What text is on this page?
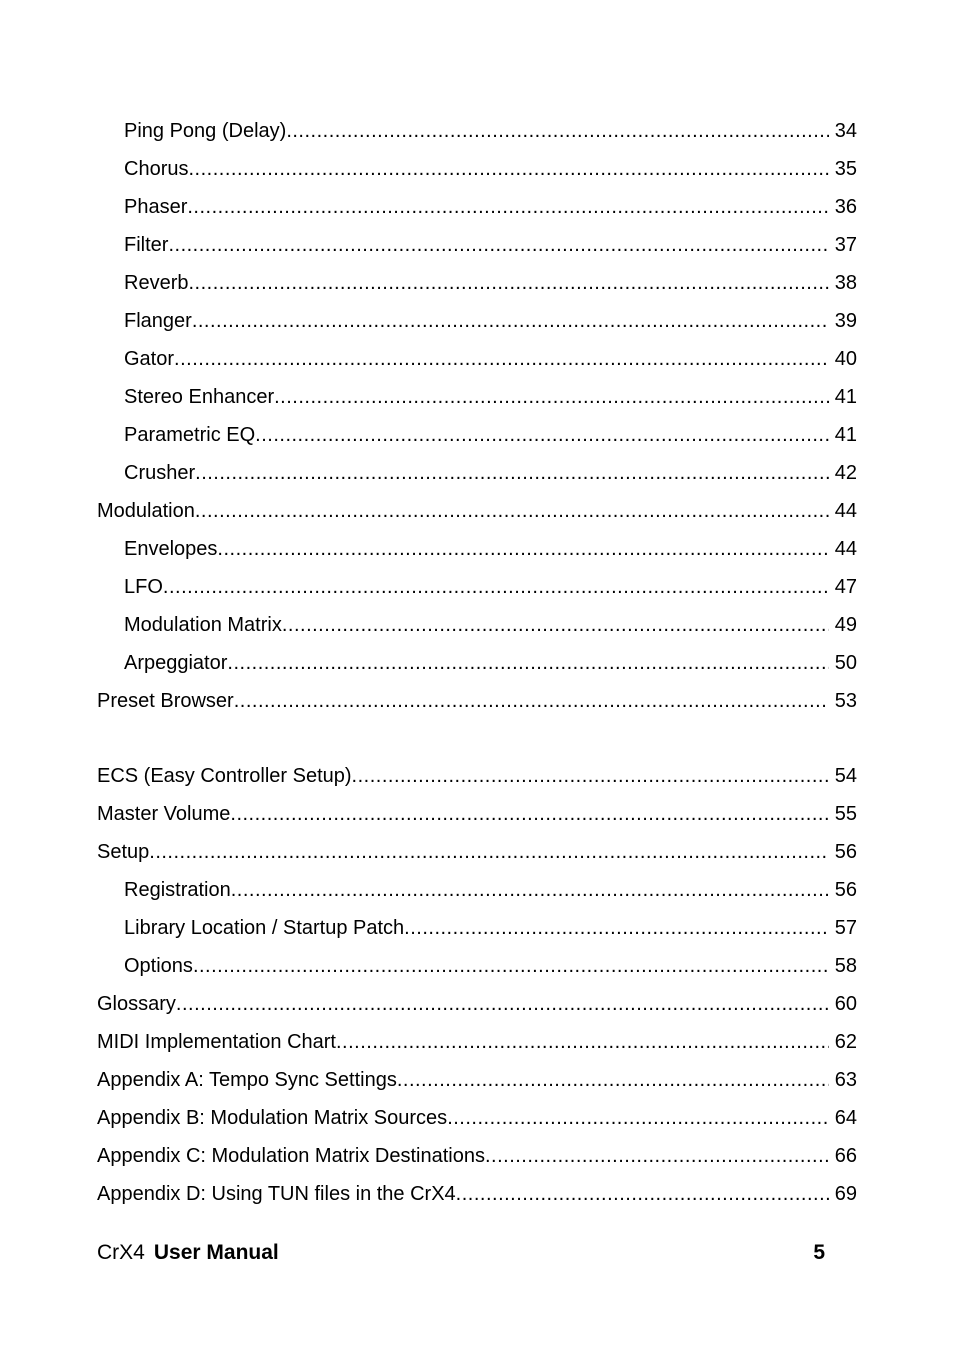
Ping Pong (Delay) .....	34
Chorus .....	35
Phaser .....	36
Filter .....	37
Reverb .....	38
Flanger .....	39
Gator .....	40
Stereo Enhancer .....	41
Parametric EQ .....	41
Crusher .....	42
Modulation .....	44
Envelopes .....	44
LFO .....	47
Modulation Matrix .....	49
Arpeggiator .....	50
Preset Browser .....	53
ECS (Easy Controller Setup) .....	54
Master Volume .....	55
Setup .....	56
Registration .....	56
Library Location / Startup Patch .....	57
Options .....	58
Glossary .....	60
MIDI Implementation Chart .....	62
Appendix A: Tempo Sync Settings .....	63
Appendix B: Modulation Matrix Sources .....	64
Appendix C: Modulation Matrix Destinations .....	66
Appendix D: Using TUN files in the CrX4 .....	69
CrX4 User Manual	5
